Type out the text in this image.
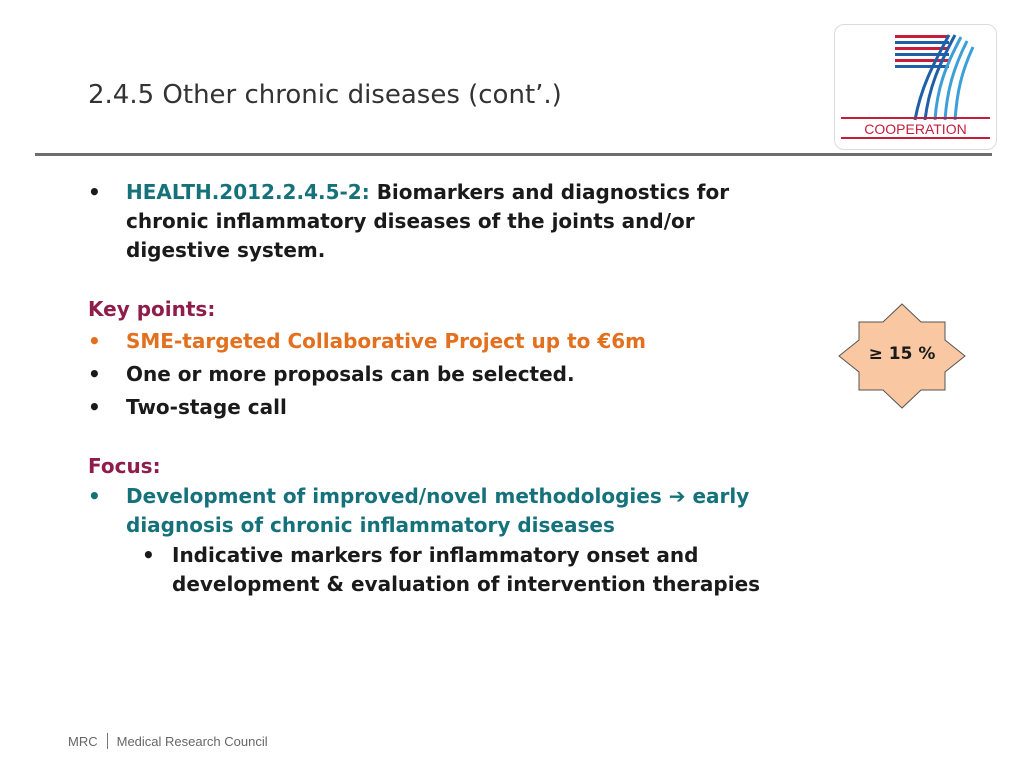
2.4.5 Other chronic diseases (cont’.)
COOPERATION
•	HEALTH.2012.2.4.5-2: Biomarkers and diagnostics for
chronic inflammatory diseases of the joints and/or
digestive system.
Key points:
•	SME-targeted Collaborative Project up to €6m
•	One or more proposals can be selected.
•	Two-stage call
Focus:
•	Development of improved/novel methodologies ➔ early
diagnosis of chronic inflammatory diseases
• Indicative markers for inflammatory onset and
development & evaluation of intervention therapies
≥ 15 %
MRC Medical Research Council
